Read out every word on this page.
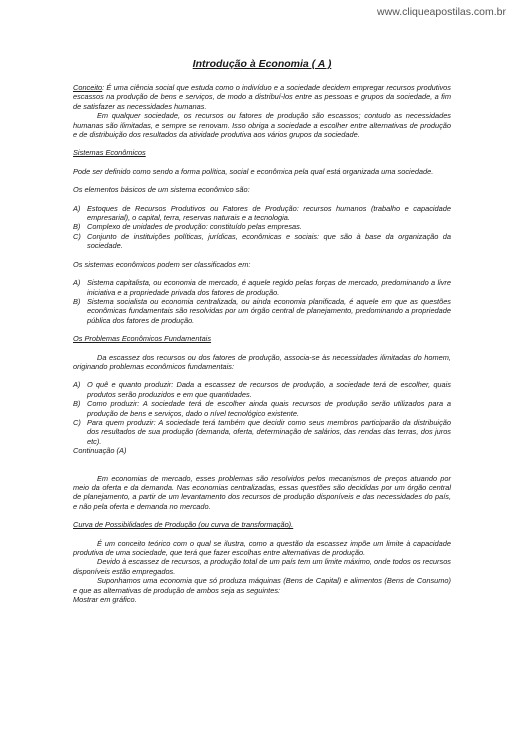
www.cliqueapostilas.com.br
Introdução à Economia ( A )

Conceito: É uma ciência social que estuda como o indivíduo e a sociedade decidem empregar recursos produtivos escassos na produção de bens e serviços, de modo a distribuí-los entre as pessoas e grupos da sociedade, a fim de satisfazer as necessidades humanas.

Em qualquer sociedade, os recursos ou fatores de produção são escassos; contudo as necessidades humanas são ilimitadas, e sempre se renovam. Isso obriga a sociedade a escolher entre alternativas de produção e de distribuição dos resultados da atividade produtiva aos vários grupos da sociedade.

Sistemas Econômicos

Pode ser definido como sendo a forma política, social e econômica pela qual está organizada uma sociedade.

Os elementos básicos de um sistema econômico são:

A) Estoques de Recursos Produtivos ou Fatores de Produção: recursos humanos (trabalho e capacidade empresarial), o capital, terra, reservas naturais e a tecnologia.
B) Complexo de unidades de produção: constituído pelas empresas.
C) Conjunto de instituições políticas, jurídicas, econômicas e sociais: que são à base da organização da sociedade.

Os sistemas econômicos podem ser classificados em:

A) Sistema capitalista, ou economia de mercado, é aquele regido pelas forças de mercado, predominando a livre iniciativa e a propriedade privada dos fatores de produção.
B) Sistema socialista ou economia centralizada, ou ainda economia planificada, é aquele em que as questões econômicas fundamentais são resolvidas por um órgão central de planejamento, predominando a propriedade pública dos fatores de produção.

Os Problemas Econômicos Fundamentais

Da escassez dos recursos ou dos fatores de produção, associa-se às necessidades ilimitadas do homem, originando problemas econômicos fundamentais:

A) O quê e quanto produzir: Dada a escassez de recursos de produção, a sociedade terá de escolher, quais produtos serão produzidos e em que quantidades.
B) Como produzir: A sociedade terá de escolher ainda quais recursos de produção serão utilizados para a produção de bens e serviços, dado o nível tecnológico existente.
C) Para quem produzir: A sociedade terá também que decidir como seus membros participarão da distribuição dos resultados de sua produção (demanda, oferta, determinação de salários, das rendas das terras, dos juros etc).

Continuação (A)

Em economias de mercado, esses problemas são resolvidos pelos mecanismos de preços atuando por meio da oferta e da demanda. Nas economias centralizadas, essas questões são decididas por um órgão central de planejamento, a partir de um levantamento dos recursos de produção disponíveis e das necessidades do país, e não pela oferta e demanda no mercado.

Curva de Possibilidades de Produção (ou curva de transformação).

É um conceito teórico com o qual se ilustra, como a questão da escassez impõe um limite à capacidade produtiva de uma sociedade, que terá que fazer escolhas entre alternativas de produção.

Devido à escassez de recursos, a produção total de um país tem um limite máximo, onde todos os recursos disponíveis estão empregados.

Suponhamos uma economia que só produza máquinas (Bens de Capital) e alimentos (Bens de Consumo) e que as alternativas de produção de ambos seja as seguintes:

Mostrar em gráfico.
